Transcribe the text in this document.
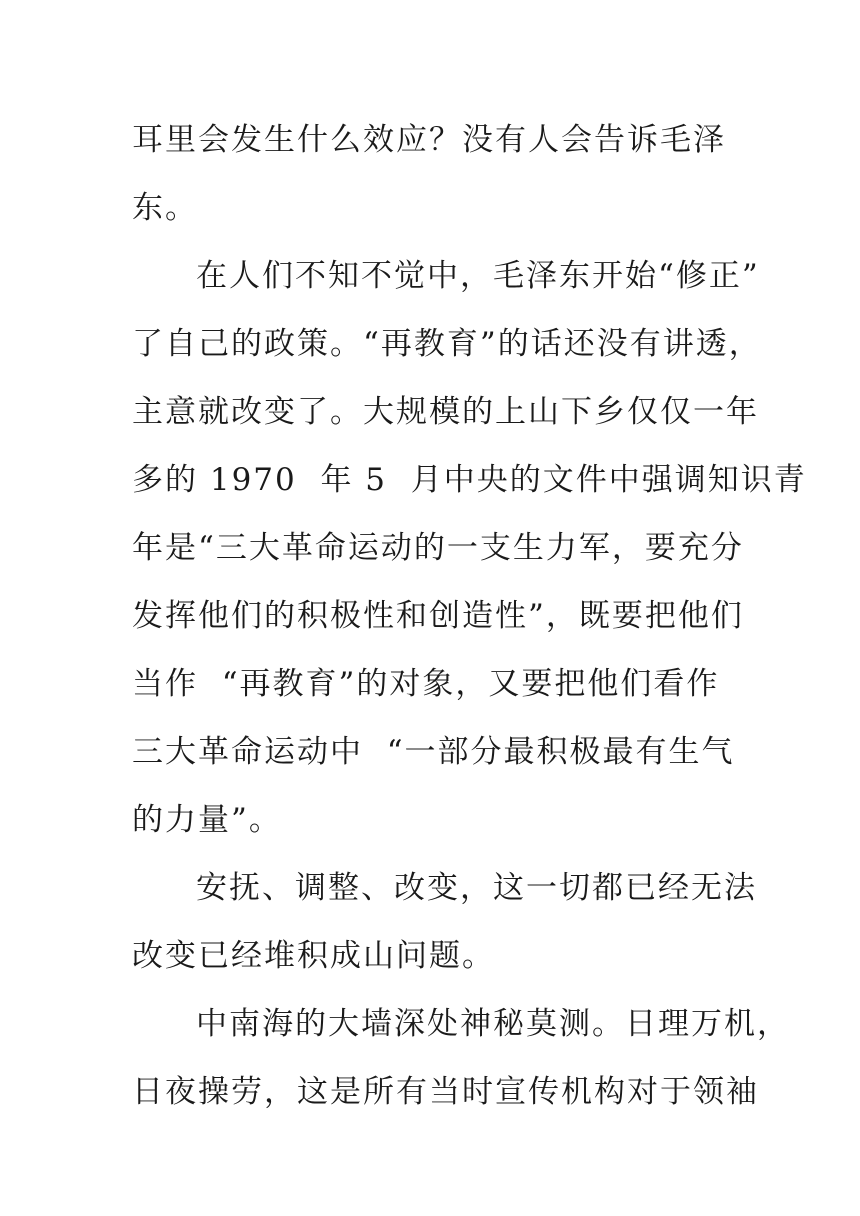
耳里会发生什么效应？没有人会告诉毛泽
东。
在人们不知不觉中，毛泽东开始“修正”
了自己的政策。“再教育”的话还没有讲透，
主意就改变了。大规模的上山下乡仅仅一年
多的 1970  年 5  月中央的文件中强调知识青
年是“三大革命运动的一支生力军，要充分
发挥他们的积极性和创造性”，既要把他们
当作  “再教育”的对象，又要把他们看作
三大革命运动中  “一部分最积极最有生气
的力量”。
安抚、调整、改变，这一切都已经无法
改变已经堆积成山问题。
中南海的大墙深处神秘莫测。日理万机，
日夜操劳，这是所有当时宣传机构对于领袖
